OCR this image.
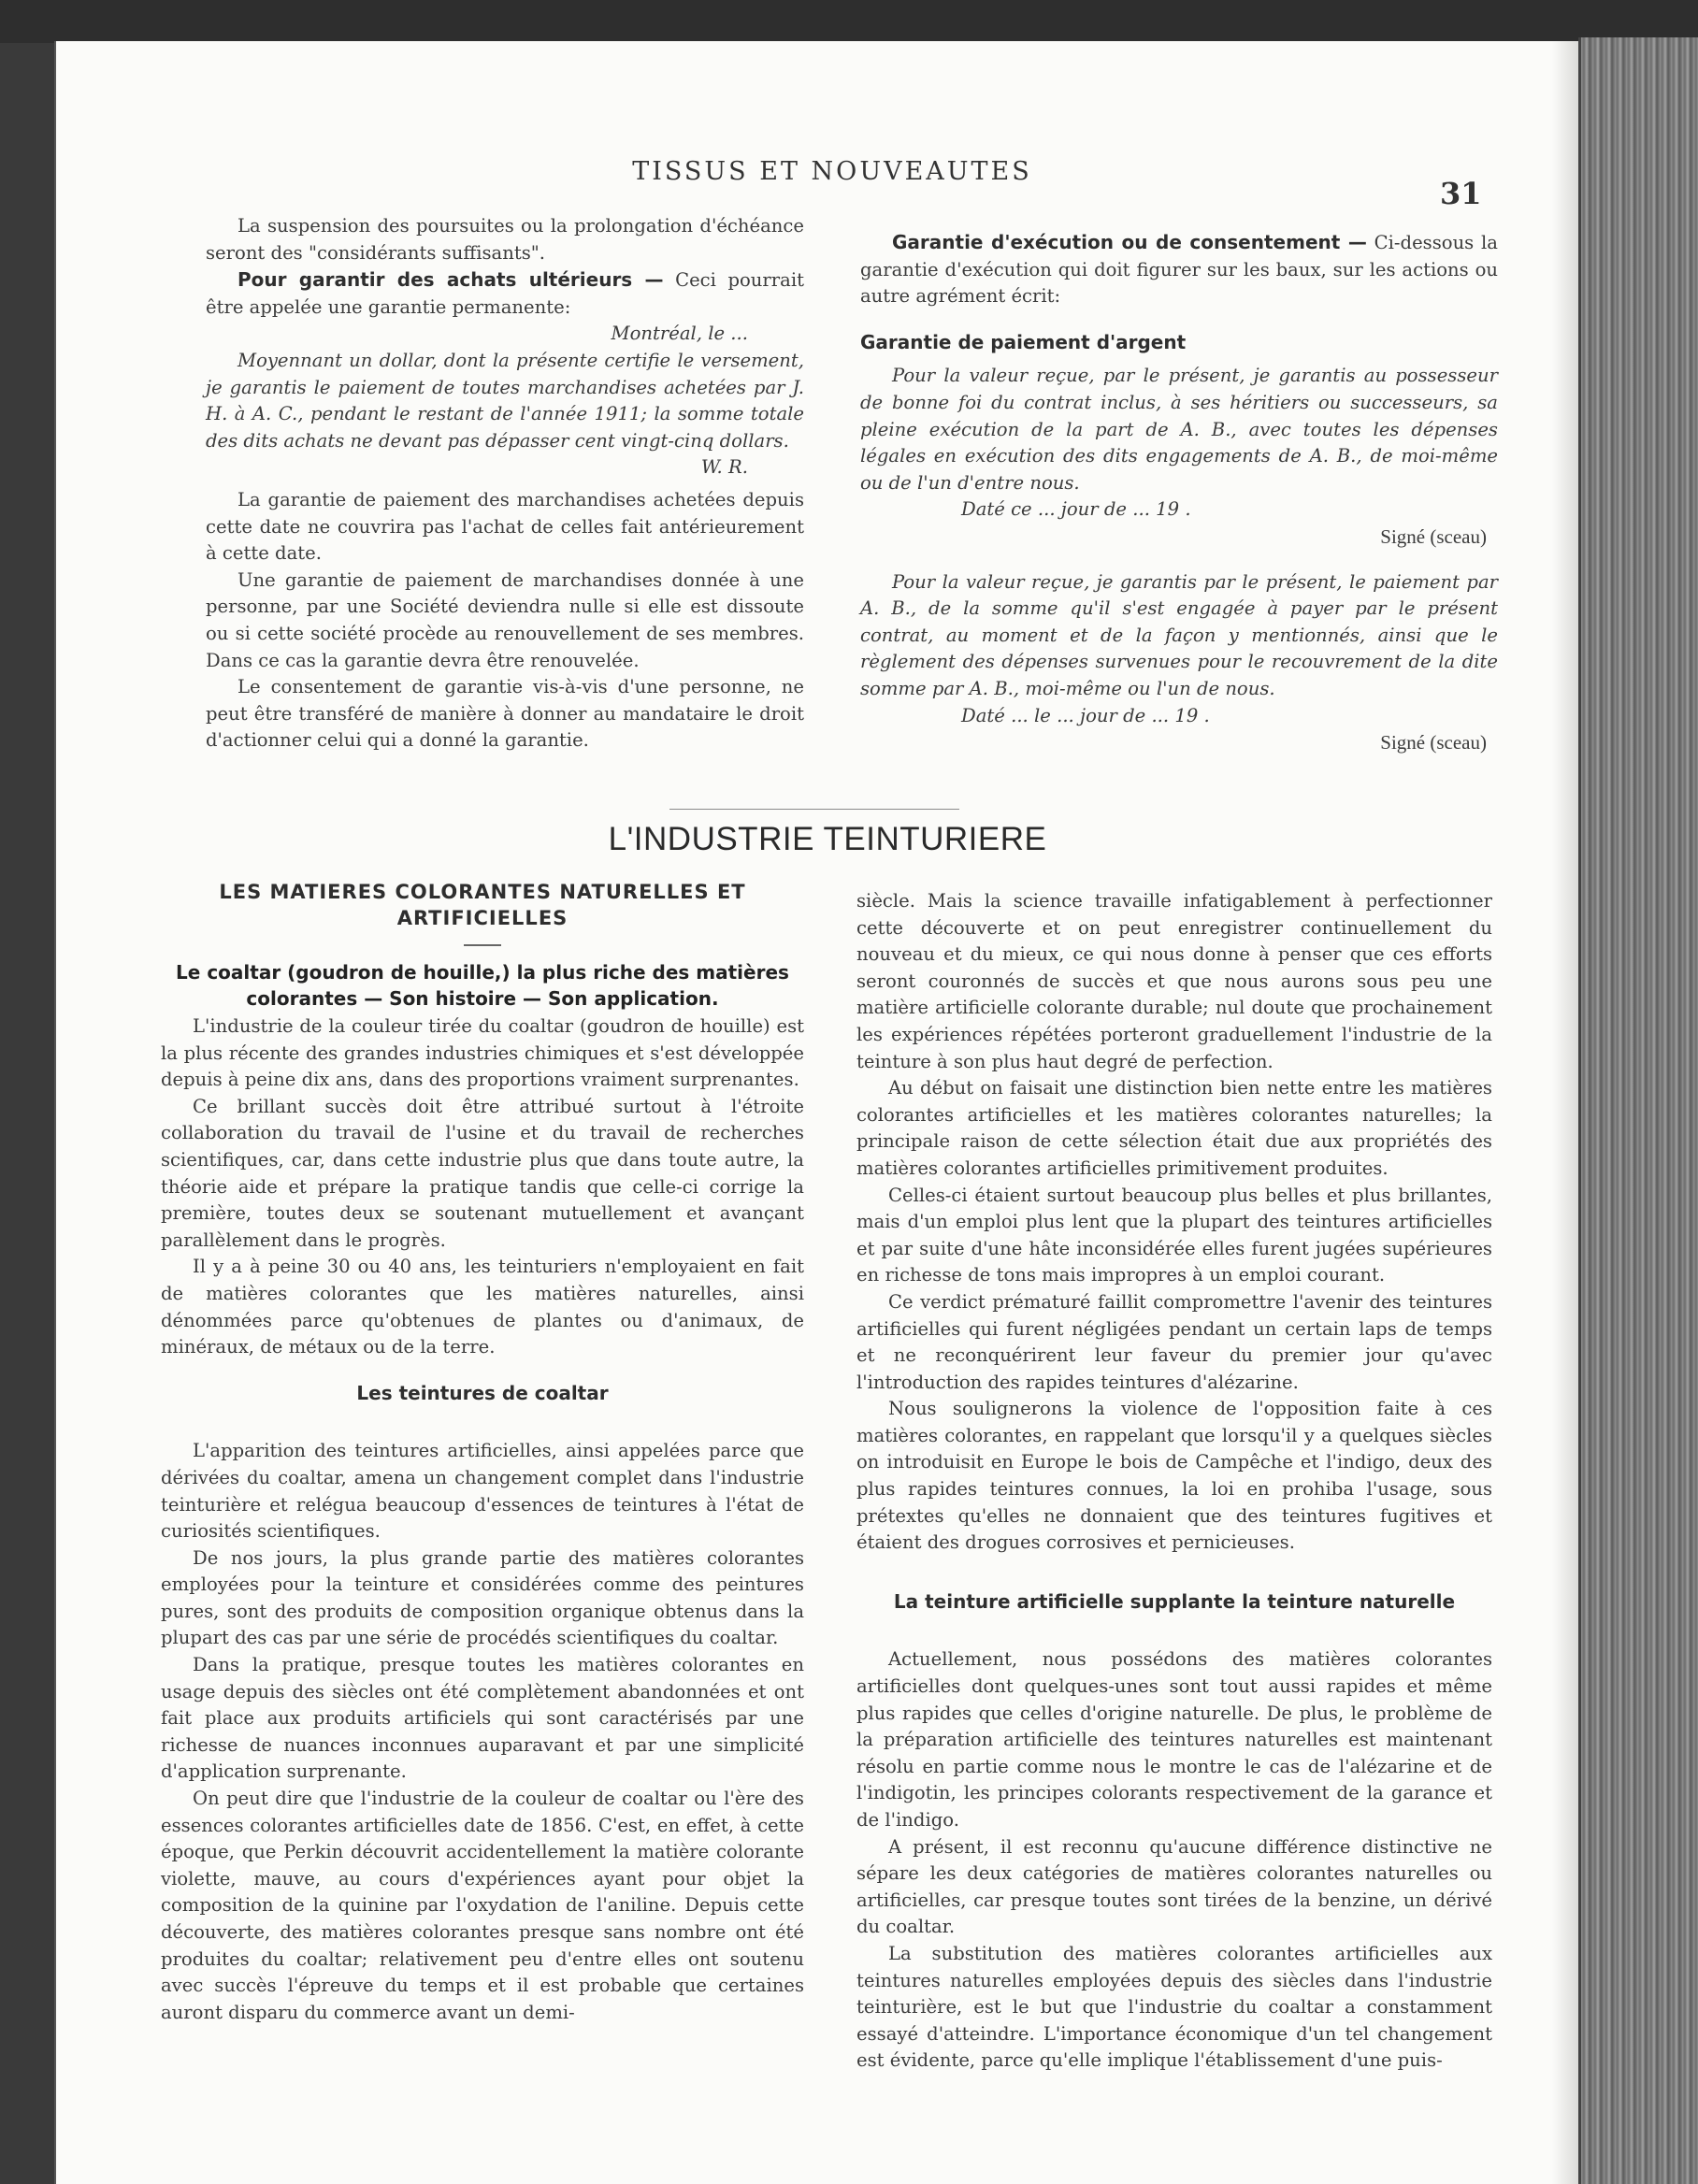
TISSUS ET NOUVEAUTES
31

La suspension des poursuites ou la prolongation d'échéance seront des "considérants suffisants".

Pour garantir des achats ultérieurs — Ceci pourrait être appelée une garantie permanente:

Montréal, le ...

Moyennant un dollar, dont la présente certifie le versement, je garantis le paiement de toutes marchandises achetées par J. H. à A. C., pendant le restant de l'année 1911; la somme totale des dits achats ne devant pas dépasser cent vingt-cinq dollars.

W. R.

La garantie de paiement des marchandises achetées depuis cette date ne couvrira pas l'achat de celles fait antérieurement à cette date.

Une garantie de paiement de marchandises donnée à une personne, par une Société deviendra nulle si elle est dissoute ou si cette société procède au renouvellement de ses membres. Dans ce cas la garantie devra être renouvelée.

Le consentement de garantie vis-à-vis d'une personne, ne peut être transféré de manière à donner au mandataire le droit d'actionner celui qui a donné la garantie.

Garantie d'exécution ou de consentement — Ci-dessous la garantie d'exécution qui doit figurer sur les baux, sur les actions ou autre agrément écrit:

Garantie de paiement d'argent

Pour la valeur reçue, par le présent, je garantis au possesseur de bonne foi du contrat inclus, à ses héritiers ou successeurs, sa pleine exécution de la part de A. B., avec toutes les dépenses légales en exécution des dits engagements de A. B., de moi-même ou de l'un d'entre nous.

Daté ce ... jour de ... 19 .

Signé (sceau)

Pour la valeur reçue, je garantis par le présent, le paiement par A. B., de la somme qu'il s'est engagée à payer par le présent contrat, au moment et de la façon y mentionnés, ainsi que le règlement des dépenses survenues pour le recouvrement de la dite somme par A. B., moi-même ou l'un de nous.

Daté ... le ... jour de ... 19 .

Signé (sceau)

L'INDUSTRIE TEINTURIERE
LES MATIERES COLORANTES NATURELLES ET ARTIFICIELLES
Le coaltar (goudron de houille,) la plus riche des matières colorantes — Son histoire — Son application.

L'industrie de la couleur tirée du coaltar (goudron de houille) est la plus récente des grandes industries chimiques et s'est développée depuis à peine dix ans, dans des proportions vraiment surprenantes.

Ce brillant succès doit être attribué surtout à l'étroite collaboration du travail de l'usine et du travail de recherches scientifiques, car, dans cette industrie plus que dans toute autre, la théorie aide et prépare la pratique tandis que celle-ci corrige la première, toutes deux se soutenant mutuellement et avançant parallèlement dans le progrès.

Il y a à peine 30 ou 40 ans, les teinturiers n'employaient en fait de matières colorantes que les matières naturelles, ainsi dénommées parce qu'obtenues de plantes ou d'animaux, de minéraux, de métaux ou de la terre.

Les teintures de coaltar

L'apparition des teintures artificielles, ainsi appelées parce que dérivées du coaltar, amena un changement complet dans l'industrie teinturière et relégua beaucoup d'essences de teintures à l'état de curiosités scientifiques.

De nos jours, la plus grande partie des matières colorantes employées pour la teinture et considérées comme des peintures pures, sont des produits de composition organique obtenus dans la plupart des cas par une série de procédés scientifiques du coaltar.

Dans la pratique, presque toutes les matières colorantes en usage depuis des siècles ont été complètement abandonnées et ont fait place aux produits artificiels qui sont caractérisés par une richesse de nuances inconnues auparavant et par une simplicité d'application surprenante.

On peut dire que l'industrie de la couleur de coaltar ou l'ère des essences colorantes artificielles date de 1856. C'est, en effet, à cette époque, que Perkin découvrit accidentellement la matière colorante violette, mauve, au cours d'expériences ayant pour objet la composition de la quinine par l'oxydation de l'aniline. Depuis cette découverte, des matières colorantes presque sans nombre ont été produites du coaltar; relativement peu d'entre elles ont soutenu avec succès l'épreuve du temps et il est probable que certaines auront disparu du commerce avant un demi-

siècle. Mais la science travaille infatigablement à perfectionner cette découverte et on peut enregistrer continuellement du nouveau et du mieux, ce qui nous donne à penser que ces efforts seront couronnés de succès et que nous aurons sous peu une matière artificielle colorante durable; nul doute que prochainement les expériences répétées porteront graduellement l'industrie de la teinture à son plus haut degré de perfection.

Au début on faisait une distinction bien nette entre les matières colorantes artificielles et les matières colorantes naturelles; la principale raison de cette sélection était due aux propriétés des matières colorantes artificielles primitivement produites.

Celles-ci étaient surtout beaucoup plus belles et plus brillantes, mais d'un emploi plus lent que la plupart des teintures artificielles et par suite d'une hâte inconsidérée elles furent jugées supérieures en richesse de tons mais impropres à un emploi courant.

Ce verdict prématuré faillit compromettre l'avenir des teintures artificielles qui furent négligées pendant un certain laps de temps et ne reconquérirent leur faveur du premier jour qu'avec l'introduction des rapides teintures d'alézarine.

Nous soulignerons la violence de l'opposition faite à ces matières colorantes, en rappelant que lorsqu'il y a quelques siècles on introduisit en Europe le bois de Campêche et l'indigo, deux des plus rapides teintures connues, la loi en prohiba l'usage, sous prétextes qu'elles ne donnaient que des teintures fugitives et étaient des drogues corrosives et pernicieuses.

La teinture artificielle supplante la teinture naturelle

Actuellement, nous possédons des matières colorantes artificielles dont quelques-unes sont tout aussi rapides et même plus rapides que celles d'origine naturelle. De plus, le problème de la préparation artificielle des teintures naturelles est maintenant résolu en partie comme nous le montre le cas de l'alézarine et de l'indigotin, les principes colorants respectivement de la garance et de l'indigo.

A présent, il est reconnu qu'aucune différence distinctive ne sépare les deux catégories de matières colorantes naturelles ou artificielles, car presque toutes sont tirées de la benzine, un dérivé du coaltar.

La substitution des matières colorantes artificielles aux teintures naturelles employées depuis des siècles dans l'industrie teinturière, est le but que l'industrie du coaltar a constamment essayé d'atteindre. L'importance économique d'un tel changement est évidente, parce qu'elle implique l'établissement d'une puis-
